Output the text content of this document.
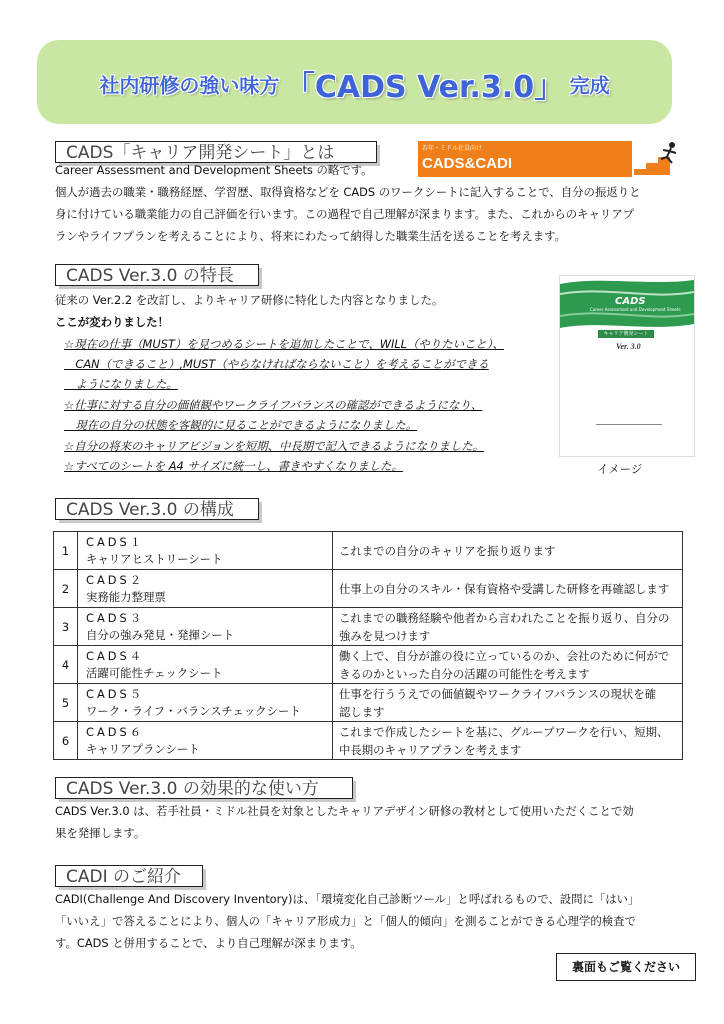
社内研修の強い味方 「CADS Ver.3.0」 完成
CADS「キャリア開発シート」とは	若年・ミドル社員向け
CADS&CADI
Career Assessment and Development Sheets の略です。
個人が過去の職業・職務経歴、学習歴、取得資格などを CADS のワークシートに記入することで、自分の振返りと
身に付けている職業能力の自己評価を行います。この過程で自己理解が深まります。また、これからのキャリアプ
ランやライフプランを考えることにより、将来にわたって納得した職業生活を送ることを考えます。
CADS Ver.3.0 の特長
従来の Ver.2.2 を改訂し、よりキャリア研修に特化した内容となりました。
ここが変わりました！
☆現在の仕事（MUST）を見つめるシートを追加したことで、WILL（やりたいこと）、
　CAN（できること）,MUST（やらなければならないこと）を考えることができる
　ようになりました。
☆仕事に対する自分の価値観やワークライフバランスの確認ができるようになり、
　現在の自分の状態を客観的に見ることができるようになりました。
☆自分の将来のキャリアビジョンを短期、中長期で記入できるようになりました。
☆すべてのシートを A4 サイズに統一し、書きやすくなりました。
CADS
Career Assessment and Development Sheets
キャリア開発シート
Ver. 3.0
イメージ
CADS Ver.3.0 の構成
1	CADS１
キャリアヒストリーシート	これまでの自分のキャリアを振り返ります
2	CADS２
実務能力整理票	仕事上の自分のスキル・保有資格や受講した研修を再確認します
3	CADS３
自分の強み発見・発揮シート	これまでの職務経験や他者から言われたことを振り返り、自分の
強みを見つけます
4	CADS４
活躍可能性チェックシート	働く上で、自分が誰の役に立っているのか、会社のために何がで
きるのかといった自分の活躍の可能性を考えます
5	CADS５
ワーク・ライフ・バランスチェックシート	仕事を行ううえでの価値観やワークライフバランスの現状を確
認します
6	CADS６
キャリアプランシート	これまで作成したシートを基に、グループワークを行い、短期、
中長期のキャリアプランを考えます
CADS Ver.3.0 の効果的な使い方
CADS Ver.3.0 は、若手社員・ミドル社員を対象としたキャリアデザイン研修の教材として使用いただくことで効
果を発揮します。
CADI のご紹介
CADI(Challenge And Discovery Inventory)は、「環境変化自己診断ツール」と呼ばれるもので、設問に「はい」
「いいえ」で答えることにより、個人の「キャリア形成力」と「個人的傾向」を測ることができる心理学的検査で
す。CADS と併用することで、より自己理解が深まります。
裏面もご覧ください
